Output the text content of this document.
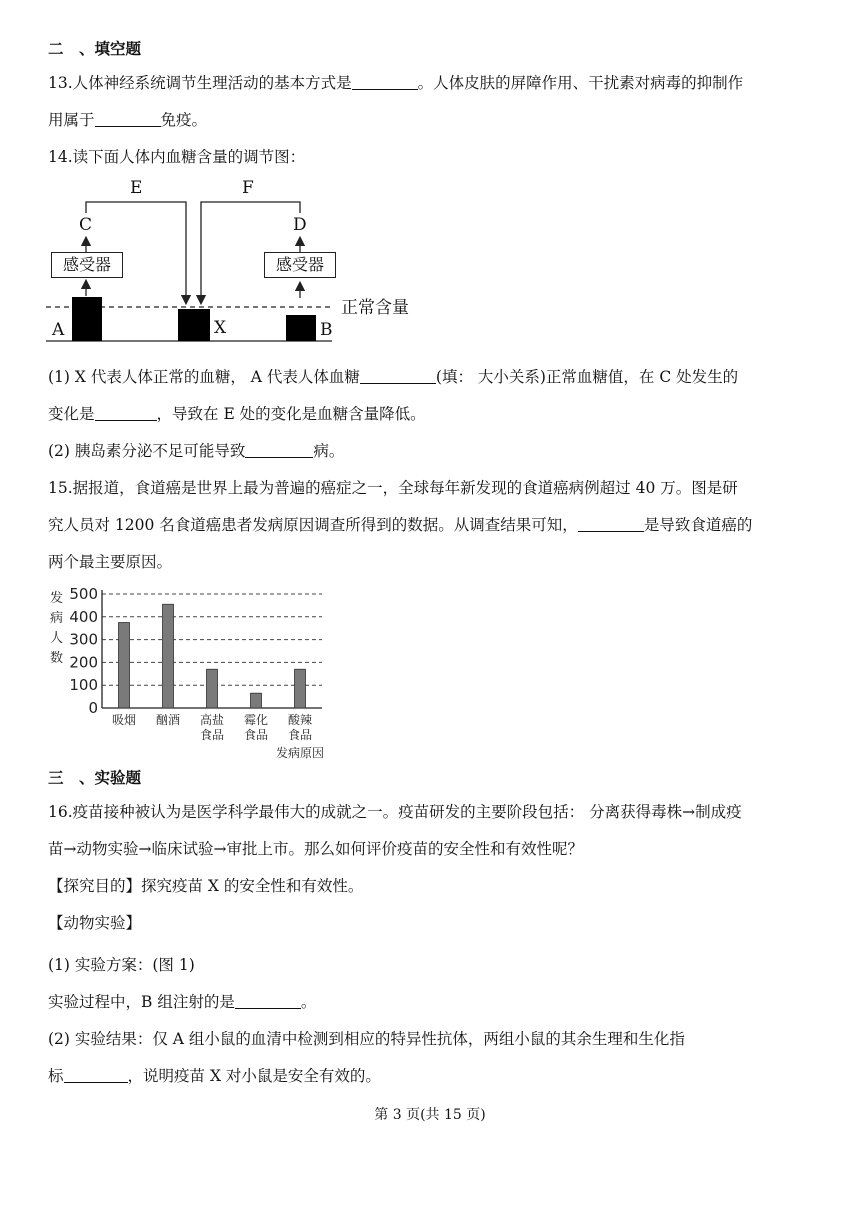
二　、填空题
13.人体神经系统调节生理活动的基本方式是	。人体皮肤的屏障作用、干扰素对病毒的抑制作
用属于	免疫。
14.读下面人体内血糖含量的调节图：
E	F
C	D
感受器	感受器
A	X	B
正常含量
(1) X 代表人体正常的血糖， A 代表人体血糖	(填： 大小关系)正常血糖值，在 C 处发生的
变化是	，导致在 E 处的变化是血糖含量降低。
(2) 胰岛素分泌不足可能导致	病。
15.据报道，食道癌是世界上最为普遍的癌症之一，全球每年新发现的食道癌病例超过 40 万。图是研
究人员对 1200 名食道癌患者发病原因调查所得到的数据。从调查结果可知，	是导致食道癌的
两个最主要原因。
发
病
人
数
0
100
200
300
400
500
吸烟 酗酒 高盐
食品
霉化
食品
酸辣
食品
发病原因
三　、实验题
16.疫苗接种被认为是医学科学最伟大的成就之一。疫苗研发的主要阶段包括： 分离获得毒株→制成疫
苗→动物实验→临床试验→审批上市。那么如何评价疫苗的安全性和有效性呢？
【探究目的】探究疫苗 X 的安全性和有效性。
【动物实验】
(1) 实验方案：(图 1)
实验过程中，B 组注射的是	。
(2) 实验结果：仅 A 组小鼠的血清中检测到相应的特异性抗体，两组小鼠的其余生理和生化指
标	，说明疫苗 X 对小鼠是安全有效的。
第 3 页(共 15 页)
